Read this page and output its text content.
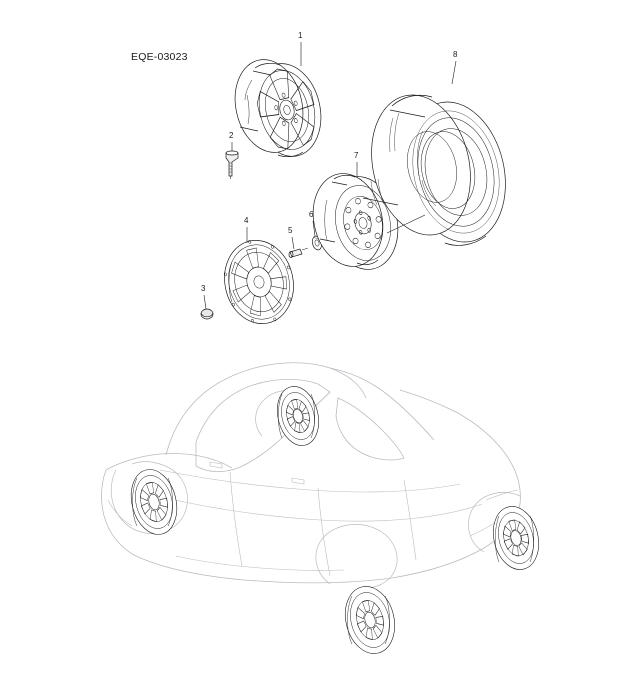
EQE-03023
1
2
3
4
5
6
7
8
